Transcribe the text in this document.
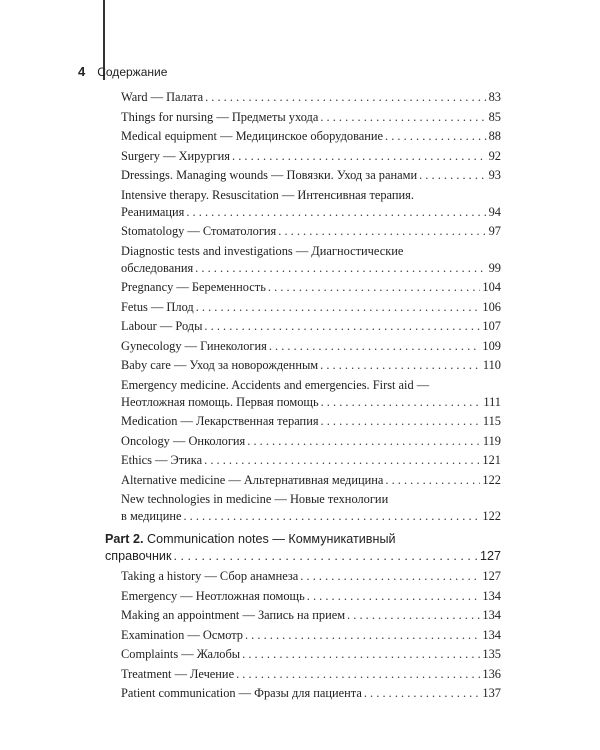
4 Содержание
Ward — Палата . . .	83
Things for nursing — Предметы ухода . . .	85
Medical equipment — Медицинское оборудование . . .	88
Surgery — Хирургия . . .	92
Dressings. Managing wounds — Повязки. Уход за ранами . . .	93
Intensive therapy. Resuscitation — Интенсивная терапия.
Реанимация . . .	94
Stomatology — Стоматология . . .	97
Diagnostic tests and investigations — Диагностические
обследования . . .	99
Pregnancy — Беременность . . .	104
Fetus — Плод . . .	106
Labour — Роды . . .	107
Gynecology — Гинекология . . .	109
Baby care — Уход за новорожденным . . .	110
Emergency medicine. Accidents and emergencies. First aid —
Неотложная помощь. Первая помощь . . .	111
Medication — Лекарственная терапия . . .	115
Oncology — Онкология . . .	119
Ethics — Этика . . .	121
Alternative medicine — Альтернативная медицина . . .	122
New technologies in medicine — Новые технологии
в медицине . . .	122
Part 2. Communication notes — Коммуникативный
справочник . . .	127
Taking a history — Сбор анамнеза . . .	127
Emergency — Неотложная помощь . . .	134
Making an appointment — Запись на прием . . .	134
Examination — Осмотр . . .	134
Complaints — Жалобы . . .	135
Treatment — Лечение . . .	136
Patient communication — Фразы для пациента . . .	137
